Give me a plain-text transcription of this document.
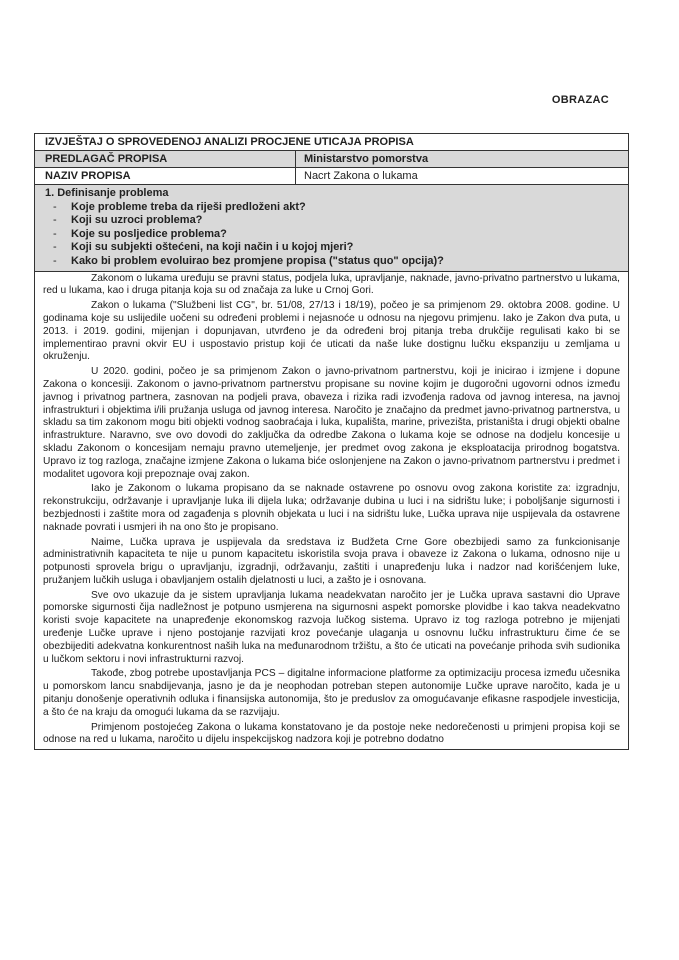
OBRAZAC
IZVJEŠTAJ O SPROVEDENOJ ANALIZI PROCJENE UTICAJA PROPISA
PREDLAGAČ PROPISA	Ministarstvo pomorstva
NAZIV PROPISA	Nacrt Zakona o lukama
1. Definisanje problema
- Koje probleme treba da riješi predloženi akt?
- Koji su uzroci problema?
- Koje su posljedice problema?
- Koji su subjekti oštećeni, na koji način i u kojoj mjeri?
- Kako bi problem evoluirao bez promjene propisa ("status quo" opcija)?

Zakonom o lukama uređuju se pravni status, podjela luka, upravljanje, naknade, javno-privatno partnerstvo u lukama, red u lukama, kao i druga pitanja koja su od značaja za luke u Crnoj Gori.

Zakon o lukama ("Službeni list CG", br. 51/08, 27/13 i 18/19), počeo je sa primjenom 29. oktobra 2008. godine. U godinama koje su uslijedile uočeni su određeni problemi i nejasnoće u odnosu na njegovu primjenu. Iako je Zakon dva puta, u 2013. i 2019. godini, mijenjan i dopunjavan, utvrđeno je da određeni broj pitanja treba drukčije regulisati kako bi se implementirao pravni okvir EU i uspostavio pristup koji će uticati da naše luke dostignu lučku ekspanziju u zemljama u okruženju.

U 2020. godini, počeo je sa primjenom Zakon o javno-privatnom partnerstvu, koji je inicirao i izmjene i dopune Zakona o koncesiji. Zakonom o javno-privatnom partnerstvu propisane su novine kojim je dugoročni ugovorni odnos između javnog i privatnog partnera, zasnovan na podjeli prava, obaveza i rizika radi izvođenja radova od javnog interesa, na javnoj infrastrukturi i objektima i/ili pružanja usluga od javnog interesa. Naročito je značajno da predmet javno-privatnog partnerstva, u skladu sa tim zakonom mogu biti objekti vodnog saobraćaja i luka, kupališta, marine, privezišta, pristaništa i drugi objekti obalne infrastrukture. Naravno, sve ovo dovodi do zaključka da odredbe Zakona o lukama koje se odnose na dodjelu koncesije u skladu Zakonom o koncesijam nemaju pravno utemeljenje, jer predmet ovog zakona je eksploatacija prirodnog bogatstva. Upravo iz tog razloga, značajne izmjene Zakona o lukama biće oslonjenjene na Zakon o javno-privatnom partnerstvu i predmet i modalitet ugovora koji prepoznaje ovaj zakon.

Iako je Zakonom o lukama propisano da se naknade ostavrene po osnovu ovog zakona koristite za: izgradnju, rekonstrukciju, održavanje i upravljanje luka ili dijela luka; održavanje dubina u luci i na sidrištu luke; i poboljšanje sigurnosti i bezbjednosti i zaštite mora od zagađenja s plovnih objekata u luci i na sidrištu luke, Lučka uprava nije uspijevala da ostavrene naknade povrati i usmjeri ih na ono što je propisano.

Naime, Lučka uprava je uspijevala da sredstava iz Budžeta Crne Gore obezbijedi samo za funkcionisanje administrativnih kapaciteta te nije u punom kapacitetu iskoristila svoja prava i obaveze iz Zakona o lukama, odnosno nije u potpunosti sprovela brigu o upravljanju, izgradnji, održavanju, zaštiti i unapređenju luka i nadzor nad korišćenjem luke, pružanjem lučkih usluga i obavljanjem ostalih djelatnosti u luci, a zašto je i osnovana.

Sve ovo ukazuje da je sistem upravljanja lukama neadekvatan naročito jer je Lučka uprava sastavni dio Uprave pomorske sigurnosti čija nadležnost je potpuno usmjerena na sigurnosni aspekt pomorske plovidbe i kao takva neadekvatno koristi svoje kapacitete na unapređenje ekonomskog razvoja lučkog sistema. Upravo iz tog razloga potrebno je mijenjati uređenje Lučke uprave i njeno postojanje razvijati kroz povećanje ulaganja u osnovnu lučku infrastrukturu čime će se obezbijediti adekvatna konkurentnost naših luka na međunarodnom tržištu, a što će uticati na povećanje prihoda svih sudionika u lučkom sektoru i novi infrastrukturni razvoj.

Takođe, zbog potrebe upostavljanja PCS – digitalne informacione platforme za optimizaciju procesa između učesnika u pomorskom lancu snabdijevanja, jasno je da je neophodan potreban stepen autonomije Lučke uprave naročito, kada je u pitanju donošenje operativnih odluka i finansijska autonomija, što je preduslov za omogućavanje efikasne raspodjele investicija, a što će na kraju da omogući lukama da se razvijaju.

Primjenom postojećeg Zakona o lukama konstatovano je da postoje neke nedorečenosti u primjeni propisa koji se odnose na red u lukama, naročito u dijelu inspekcijskog nadzora koji je potrebno dodatno
